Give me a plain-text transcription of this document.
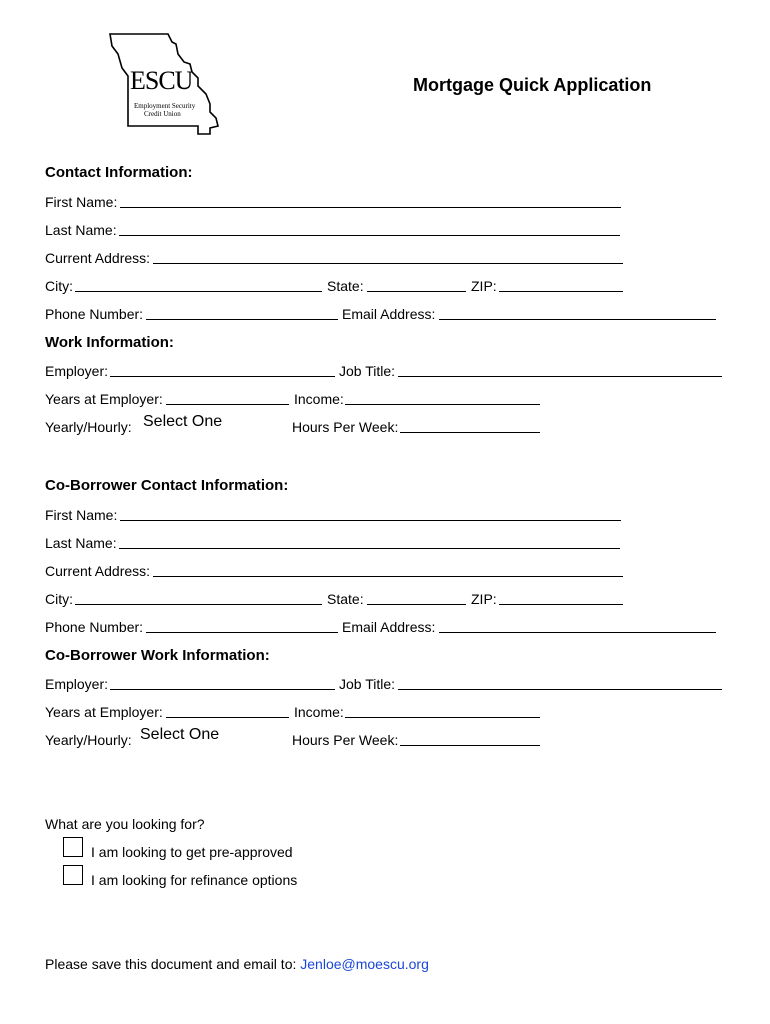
ESCU
Employment Security
Credit Union
Mortgage Quick Application
Contact Information:
First Name:
Last Name:
Current Address:
City:	State:	ZIP:
Phone Number:	Email Address:
Work Information:
Employer:	Job Title:
Years at Employer:	Income:
Yearly/Hourly: Select One	Hours Per Week:
Co-Borrower Contact Information:
First Name:
Last Name:
Current Address:
City:	State:	ZIP:
Phone Number:	Email Address:
Co-Borrower Work Information:
Employer:	Job Title:
Years at Employer:	Income:
Yearly/Hourly: Select One	Hours Per Week:
What are you looking for?
I am looking to get pre-approved
I am looking for refinance options
Please save this document and email to: Jenloe@moescu.org
